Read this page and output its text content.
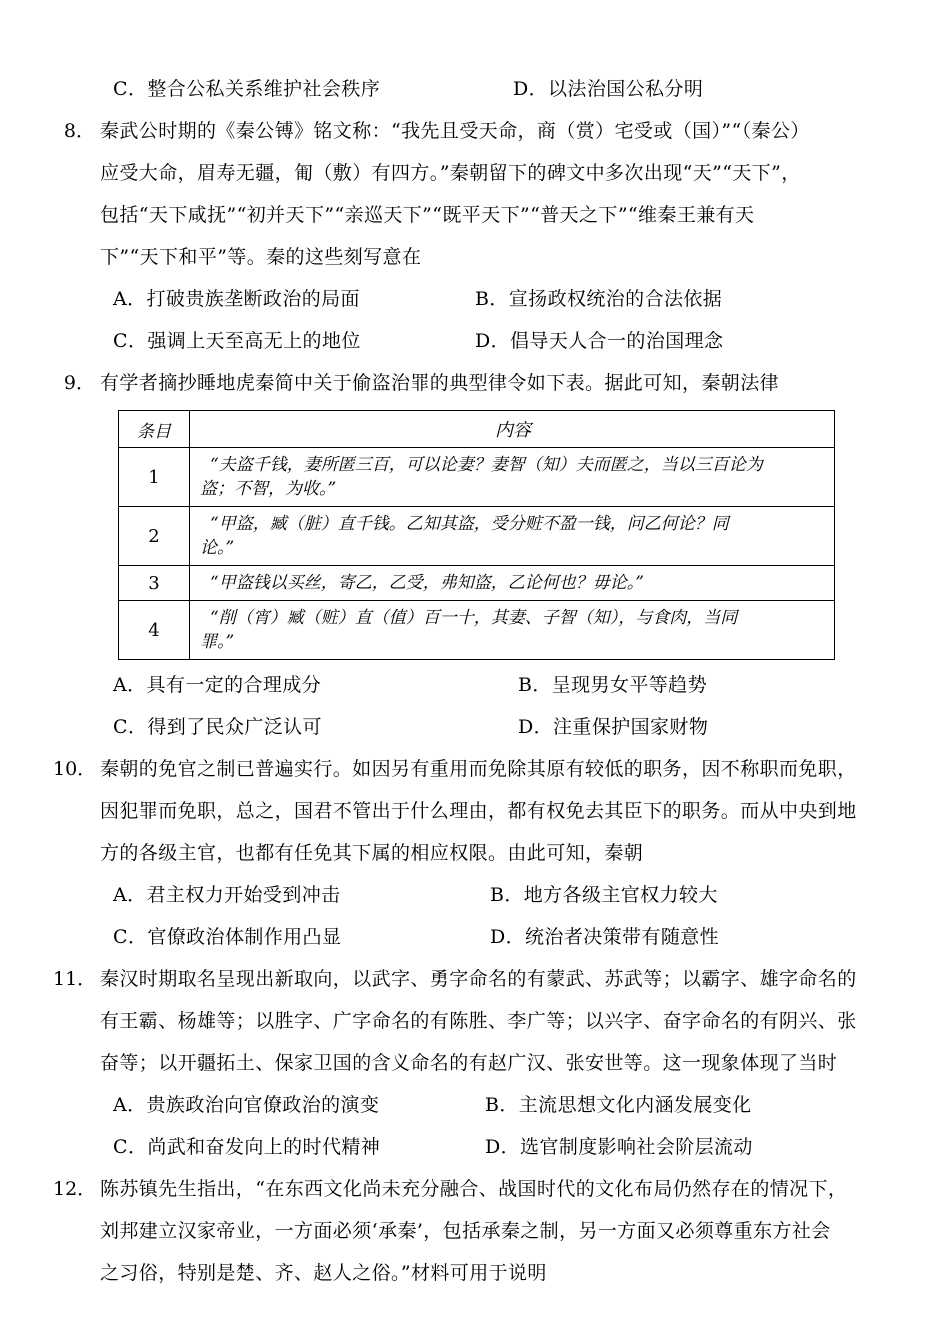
C．整合公私关系维护社会秩序	D．以法治国公私分明
8． 秦武公时期的《秦公镈》铭文称：“我先且受天命，商（赏）宅受或（国）”“（秦公）
应受大命，眉寿无疆，匍（敷）有四方。”秦朝留下的碑文中多次出现“天”“天下”，
包括“天下咸抚”“初并天下”“亲巡天下”“既平天下”“普天之下”“维秦王兼有天
下”“天下和平”等。秦的这些刻写意在
A．打破贵族垄断政治的局面	B．宣扬政权统治的合法依据
C．强调上天至高无上的地位	D．倡导天人合一的治国理念
9． 有学者摘抄睡地虎秦简中关于偷盗治罪的典型律令如下表。据此可知，秦朝法律
条目	内容
1	“夫盗千钱，妻所匿三百，可以论妻？妻智（知）夫而匿之，当以三百论为
盗；不智，为收。”

2	“甲盗，臧（脏）直千钱。乙知其盗，受分赃不盈一钱，问乙何论？同
论。”

3	“甲盗钱以买丝，寄乙，乙受，弗知盗，乙论何也？毋论。”

4	“削（宵）臧（赃）直（值）百一十，其妻、子智（知），与食肉，当同
罪。”
A．具有一定的合理成分	B．呈现男女平等趋势
C．得到了民众广泛认可	D．注重保护国家财物
10． 秦朝的免官之制已普遍实行。如因另有重用而免除其原有较低的职务，因不称职而免职，
因犯罪而免职，总之，国君不管出于什么理由，都有权免去其臣下的职务。而从中央到地
方的各级主官，也都有任免其下属的相应权限。由此可知，秦朝
A．君主权力开始受到冲击	B．地方各级主官权力较大
C．官僚政治体制作用凸显	D．统治者决策带有随意性
11． 秦汉时期取名呈现出新取向，以武字、勇字命名的有蒙武、苏武等；以霸字、雄字命名的
有王霸、杨雄等；以胜字、广字命名的有陈胜、李广等；以兴字、奋字命名的有阴兴、张
奋等；以开疆拓土、保家卫国的含义命名的有赵广汉、张安世等。这一现象体现了当时
A．贵族政治向官僚政治的演变	B．主流思想文化内涵发展变化
C．尚武和奋发向上的时代精神	D．选官制度影响社会阶层流动
12． 陈苏镇先生指出，“在东西文化尚未充分融合、战国时代的文化布局仍然存在的情况下，
刘邦建立汉家帝业，一方面必须‘承秦’，包括承秦之制，另一方面又必须尊重东方社会
之习俗，特别是楚、齐、赵人之俗。”材料可用于说明
